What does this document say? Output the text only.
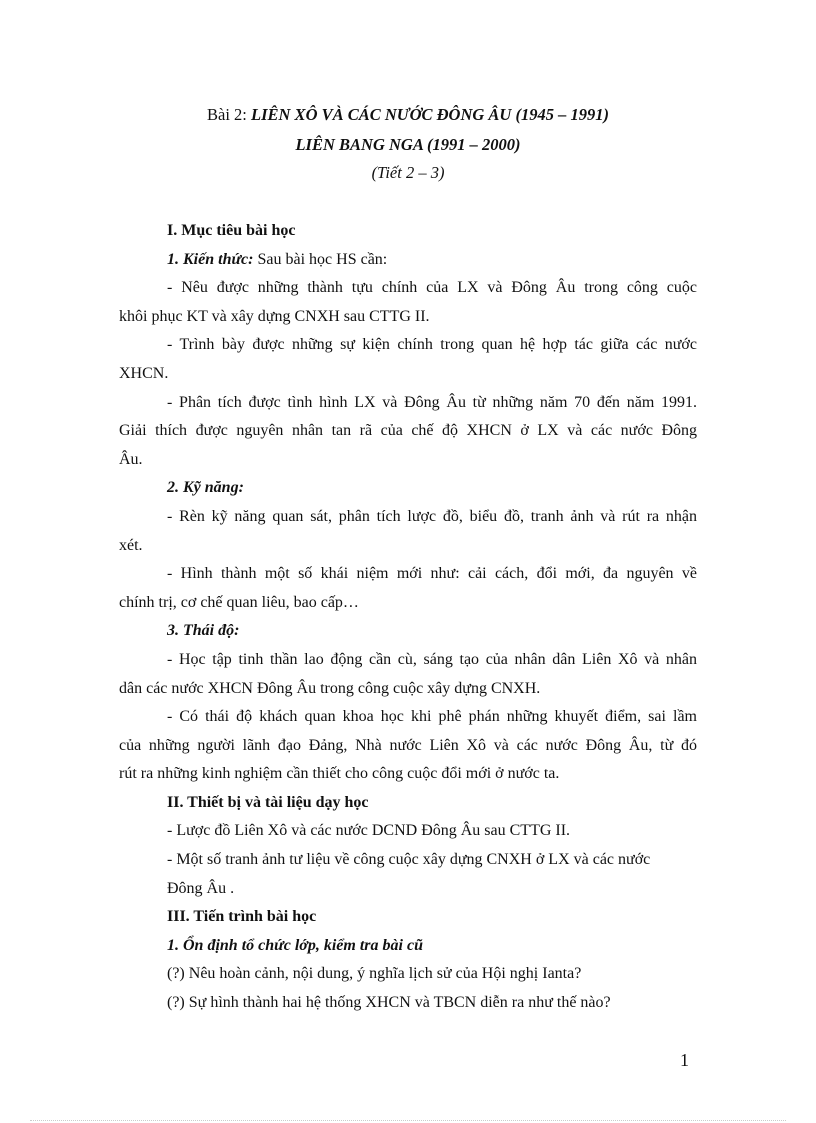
Bài 2: LIÊN XÔ VÀ CÁC NƯỚC ĐÔNG ÂU (1945 – 1991)
LIÊN BANG NGA (1991 – 2000)
(Tiết 2 – 3)
I. Mục tiêu bài học
1. Kiến thức: Sau bài học HS cần:
- Nêu được những thành tựu chính của LX và Đông Âu trong công cuộc
khôi phục KT và xây dựng CNXH sau CTTG II.
- Trình bày được những sự kiện chính trong quan hệ hợp tác giữa các nước
XHCN.
- Phân tích được tình hình LX và Đông Âu từ những năm 70 đến năm 1991.
Giải thích được nguyên nhân tan rã của chế độ XHCN ở LX và các nước Đông
Âu.
2. Kỹ năng:
- Rèn kỹ năng quan sát, phân tích lược đồ, biểu đồ, tranh ảnh và rút ra nhận
xét.
- Hình thành một số khái niệm mới như: cải cách, đổi mới, đa nguyên về
chính trị, cơ chế quan liêu, bao cấp…
3. Thái độ:
- Học tập tinh thần lao động cần cù, sáng tạo của nhân dân Liên Xô và nhân
dân các nước XHCN Đông Âu trong công cuộc xây dựng CNXH.
- Có thái độ khách quan khoa học khi phê phán những khuyết điểm, sai lầm
của những người lãnh đạo Đảng, Nhà nước Liên Xô và các nước Đông Âu, từ đó
rút ra những kinh nghiệm cần thiết cho công cuộc đổi mới ở nước ta.
II. Thiết bị và tài liệu dạy học
- Lược đồ Liên Xô và các nước DCND Đông Âu sau CTTG II.
- Một số tranh ảnh tư liệu về công cuộc xây dựng CNXH ở LX và các nước
Đông Âu .
III. Tiến trình bài học
1. Ổn định tổ chức lớp, kiểm tra bài cũ
(?) Nêu hoàn cảnh, nội dung, ý nghĩa lịch sử của Hội nghị Ianta?
(?) Sự hình thành hai hệ thống XHCN và TBCN diễn ra như thế nào?
1
